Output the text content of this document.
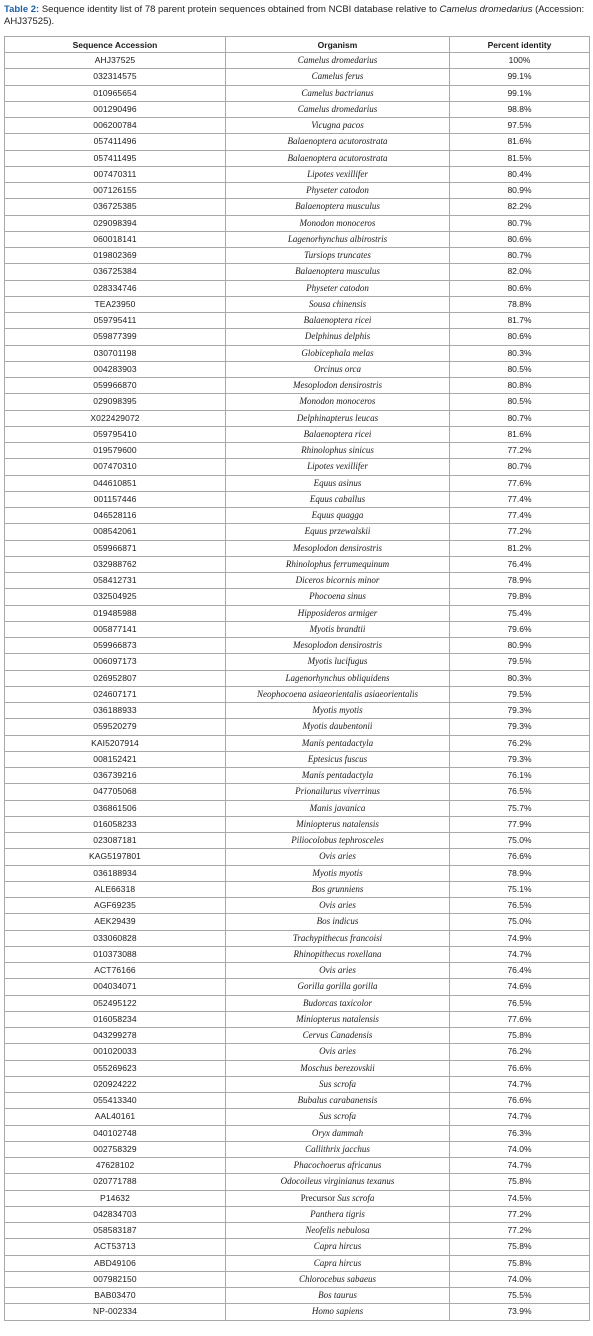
Table 2: Sequence identity list of 78 parent protein sequences obtained from NCBI database relative to Camelus dromedarius (Accession: AHJ37525).
Sequence Accession	Organism	Percent identity
AHJ37525	Camelus dromedarius	100%
032314575	Camelus ferus	99.1%
010965654	Camelus bactrianus	99.1%
001290496	Camelus dromedarius	98.8%
006200784	Vicugna pacos	97.5%
057411496	Balaenoptera acutorostrata	81.6%
057411495	Balaenoptera acutorostrata	81.5%
007470311	Lipotes vexillifer	80.4%
007126155	Physeter catodon	80.9%
036725385	Balaenoptera musculus	82.2%
029098394	Monodon monoceros	80.7%
060018141	Lagenorhynchus albirostris	80.6%
019802369	Tursiops truncates	80.7%
036725384	Balaenoptera musculus	82.0%
028334746	Physeter catodon	80.6%
TEA23950	Sousa chinensis	78.8%
059795411	Balaenoptera ricei	81.7%
059877399	Delphinus delphis	80.6%
030701198	Globicephala melas	80.3%
004283903	Orcinus orca	80.5%
059966870	Mesoplodon densirostris	80.8%
029098395	Monodon monoceros	80.5%
X022429072	Delphinapterus leucas	80.7%
059795410	Balaenoptera ricei	81.6%
019579600	Rhinolophus sinicus	77.2%
007470310	Lipotes vexillifer	80.7%
044610851	Equus asinus	77.6%
001157446	Equus caballus	77.4%
046528116	Equus quagga	77.4%
008542061	Equus przewalskii	77.2%
059966871	Mesoplodon densirostris	81.2%
032988762	Rhinolophus ferrumequinum	76.4%
058412731	Diceros bicornis minor	78.9%
032504925	Phocoena sinus	79.8%
019485988	Hipposideros armiger	75.4%
005877141	Myotis brandtii	79.6%
059966873	Mesoplodon densirostris	80.9%
006097173	Myotis lucifugus	79.5%
026952807	Lagenorhynchus obliquidens	80.3%
024607171	Neophocoena asiaeorientalis asiaeorientalis	79.5%
036188933	Myotis myotis	79.3%
059520279	Myotis daubentonii	79.3%
KAI5207914	Manis pentadactyla	76.2%
008152421	Eptesicus fuscus	79.3%
036739216	Manis pentadactyla	76.1%
047705068	Prionailurus viverrinus	76.5%
036861506	Manis javanica	75.7%
016058233	Miniopterus natalensis	77.9%
023087181	Piliocolobus tephrosceles	75.0%
KAG5197801	Ovis aries	76.6%
036188934	Myotis myotis	78.9%
ALE66318	Bos grunniens	75.1%
AGF69235	Ovis aries	76.5%
AEK29439	Bos indicus	75.0%
033060828	Trachypithecus francoisi	74.9%
010373088	Rhinopithecus roxellana	74.7%
ACT76166	Ovis aries	76.4%
004034071	Gorilla gorilla gorilla	74.6%
052495122	Budorcas taxicolor	76.5%
016058234	Miniopterus natalensis	77.6%
043299278	Cervus Canadensis	75.8%
001020033	Ovis aries	76.2%
055269623	Moschus berezovskii	76.6%
020924222	Sus scrofa	74.7%
055413340	Bubalus carabanensis	76.6%
AAL40161	Sus scrofa	74.7%
040102748	Oryx dammah	76.3%
002758329	Callithrix jacchus	74.0%
47628102	Phacochoerus africanus	74.7%
020771788	Odocoileus virginianus texanus	75.8%
P14632	Precursor Sus scrofa	74.5%
042834703	Panthera tigris	77.2%
058583187	Neofelis nebulosa	77.2%
ACT53713	Capra hircus	75.8%
ABD49106	Capra hircus	75.8%
007982150	Chlorocebus sabaeus	74.0%
BAB03470	Bos taurus	75.5%
NP-002334	Homo sapiens	73.9%
